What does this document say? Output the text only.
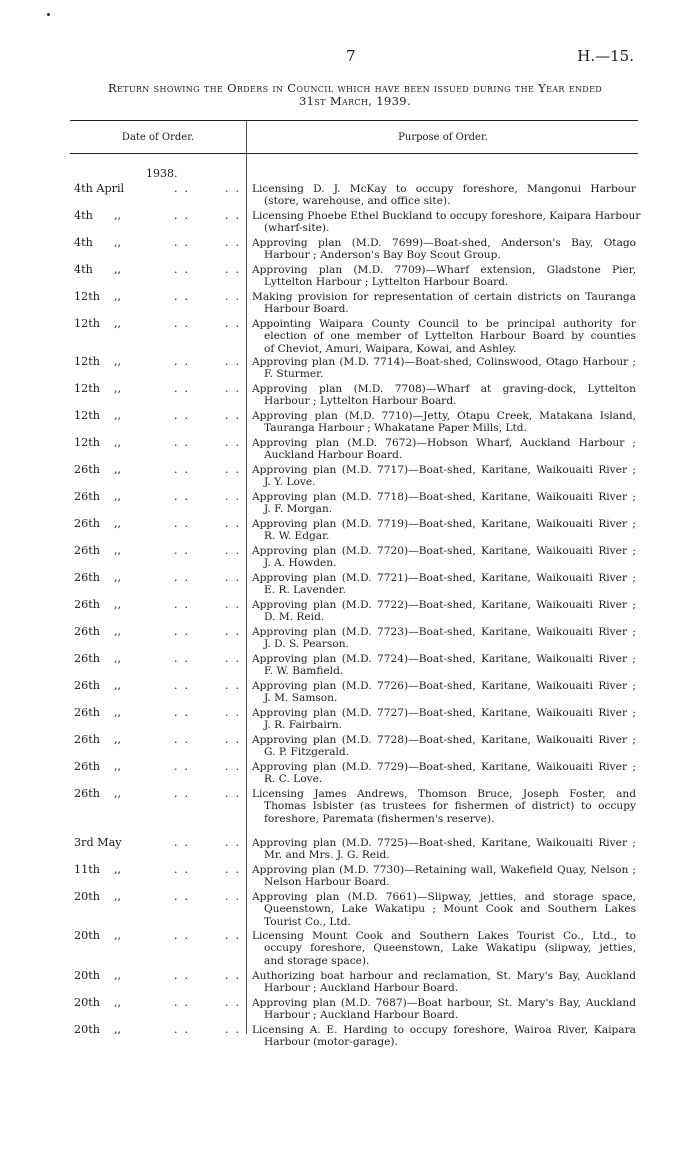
7	H.—15.
Return showing the Orders in Council which have been issued during the Year ended
31st March, 1939.
Date of Order.	Purpose of Order.
1938.
4th April	..	.. Licensing D. J. McKay to occupy foreshore, Mangonui Harbour
(store, warehouse, and office site).
4th ,,	..	.. Licensing Phoebe Ethel Buckland to occupy foreshore, Kaipara Harbour
(wharf-site).
4th ,,	..	.. Approving plan (M.D. 7699)—Boat-shed, Anderson's Bay, Otago
Harbour ; Anderson's Bay Boy Scout Group.
4th ,,	..	.. Approving plan (M.D. 7709)—Wharf extension, Gladstone Pier,
Lyttelton Harbour ; Lyttelton Harbour Board.
12th ,,	..	.. Making provision for representation of certain districts on Tauranga
Harbour Board.
12th ,,	..	.. Appointing Waipara County Council to be principal authority for
election of one member of Lyttelton Harbour Board by counties
of Cheviot, Amuri, Waipara, Kowai, and Ashley.
12th ,,	..	.. Approving plan (M.D. 7714)—Boat-shed, Colinswood, Otago Harbour ;
F. Sturmer.
12th ,,	..	.. Approving plan (M.D. 7708)—Wharf at graving-dock, Lyttelton
Harbour ; Lyttelton Harbour Board.
12th ,,	..	.. Approving plan (M.D. 7710)—Jetty, Otapu Creek, Matakana Island,
Tauranga Harbour ; Whakatane Paper Mills, Ltd.
12th ,,	..	.. Approving plan (M.D. 7672)—Hobson Wharf, Auckland Harbour ;
Auckland Harbour Board.
26th ,,	..	.. Approving plan (M.D. 7717)—Boat-shed, Karitane, Waikouaiti River ;
J. Y. Love.
26th ,,	..	.. Approving plan (M.D. 7718)—Boat-shed, Karitane, Waikouaiti River ;
J. F. Morgan.
26th ,,	..	.. Approving plan (M.D. 7719)—Boat-shed, Karitane, Waikouaiti River ;
R. W. Edgar.
26th ,,	..	.. Approving plan (M.D. 7720)—Boat-shed, Karitane, Waikouaiti River ;
J. A. Howden.
26th ,,	..	.. Approving plan (M.D. 7721)—Boat-shed, Karitane, Waikouaiti River ;
E. R. Lavender.
26th ,,	..	.. Approving plan (M.D. 7722)—Boat-shed, Karitane, Waikouaiti River ;
D. M. Reid.
26th ,,	..	.. Approving plan (M.D. 7723)—Boat-shed, Karitane, Waikouaiti River ;
J. D. S. Pearson.
26th ,,	..	.. Approving plan (M.D. 7724)—Boat-shed, Karitane, Waikouaiti River ;
F. W. Bamfield.
26th ,,	..	.. Approving plan (M.D. 7726)—Boat-shed, Karitane, Waikouaiti River ;
J. M. Samson.
26th ,,	..	.. Approving plan (M.D. 7727)—Boat-shed, Karitane, Waikouaiti River ;
J. R. Fairbairn.
26th ,,	..	.. Approving plan (M.D. 7728)—Boat-shed, Karitane, Waikouaiti River ;
G. P. Fitzgerald.
26th ,,	..	.. Approving plan (M.D. 7729)—Boat-shed, Karitane, Waikouaiti River ;
R. C. Love.
26th ,,	..	.. Licensing James Andrews, Thomson Bruce, Joseph Foster, and
Thomas Isbister (as trustees for fishermen of district) to occupy
foreshore, Paremata (fishermen's reserve).
3rd May	..	.. Approving plan (M.D. 7725)—Boat-shed, Karitane, Waikouaiti River ;
Mr. and Mrs. J. G. Reid.
11th ,,	..	.. Approving plan (M.D. 7730)—Retaining wall, Wakefield Quay, Nelson ;
Nelson Harbour Board.
20th ,,	..	.. Approving plan (M.D. 7661)—Slipway, jetties, and storage space,
Queenstown, Lake Wakatipu ; Mount Cook and Southern Lakes
Tourist Co., Ltd.
20th ,,	..	.. Licensing Mount Cook and Southern Lakes Tourist Co., Ltd., to
occupy foreshore, Queenstown, Lake Wakatipu (slipway, jetties,
and storage space).
20th ,,	..	.. Authorizing boat harbour and reclamation, St. Mary's Bay, Auckland
Harbour ; Auckland Harbour Board.
20th ,,	..	.. Approving plan (M.D. 7687)—Boat harbour, St. Mary's Bay, Auckland
Harbour ; Auckland Harbour Board.
20th ,,	..	.. Licensing A. E. Harding to occupy foreshore, Wairoa River, Kaipara
Harbour (motor-garage).
